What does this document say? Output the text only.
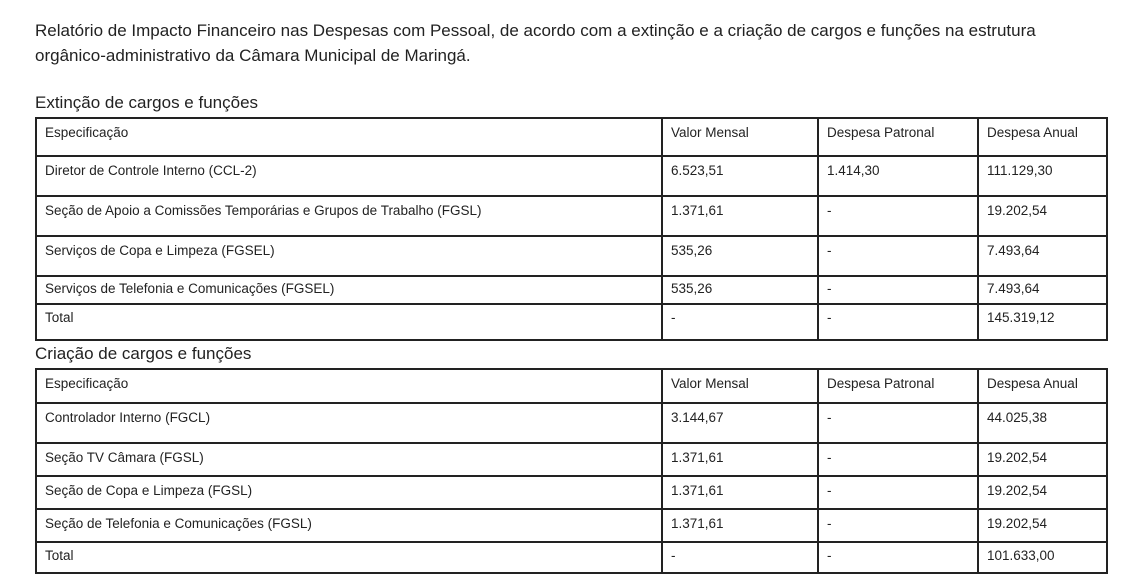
Relatório de Impacto Financeiro nas Despesas com Pessoal, de acordo com a extinção e a criação de cargos e funções na estrutura orgânico-administrativo da Câmara Municipal de Maringá.

Extinção de cargos e funções
Especificação	Valor Mensal	Despesa Patronal	Despesa Anual
Diretor de Controle Interno (CCL-2)	6.523,51	1.414,30	111.129,30
Seção de Apoio a Comissões Temporárias e Grupos de Trabalho (FGSL)	1.371,61	-	19.202,54
Serviços de Copa e Limpeza (FGSEL)	535,26	-	7.493,64
Serviços de Telefonia e Comunicações (FGSEL)	535,26	-	7.493,64
Total	-	-	145.319,12
Criação de cargos e funções
Especificação	Valor Mensal	Despesa Patronal	Despesa Anual
Controlador Interno (FGCL)	3.144,67	-	44.025,38
Seção TV Câmara (FGSL)	1.371,61	-	19.202,54
Seção de Copa e Limpeza (FGSL)	1.371,61	-	19.202,54
Seção de Telefonia e Comunicações (FGSL)	1.371,61	-	19.202,54
Total	-	-	101.633,00
